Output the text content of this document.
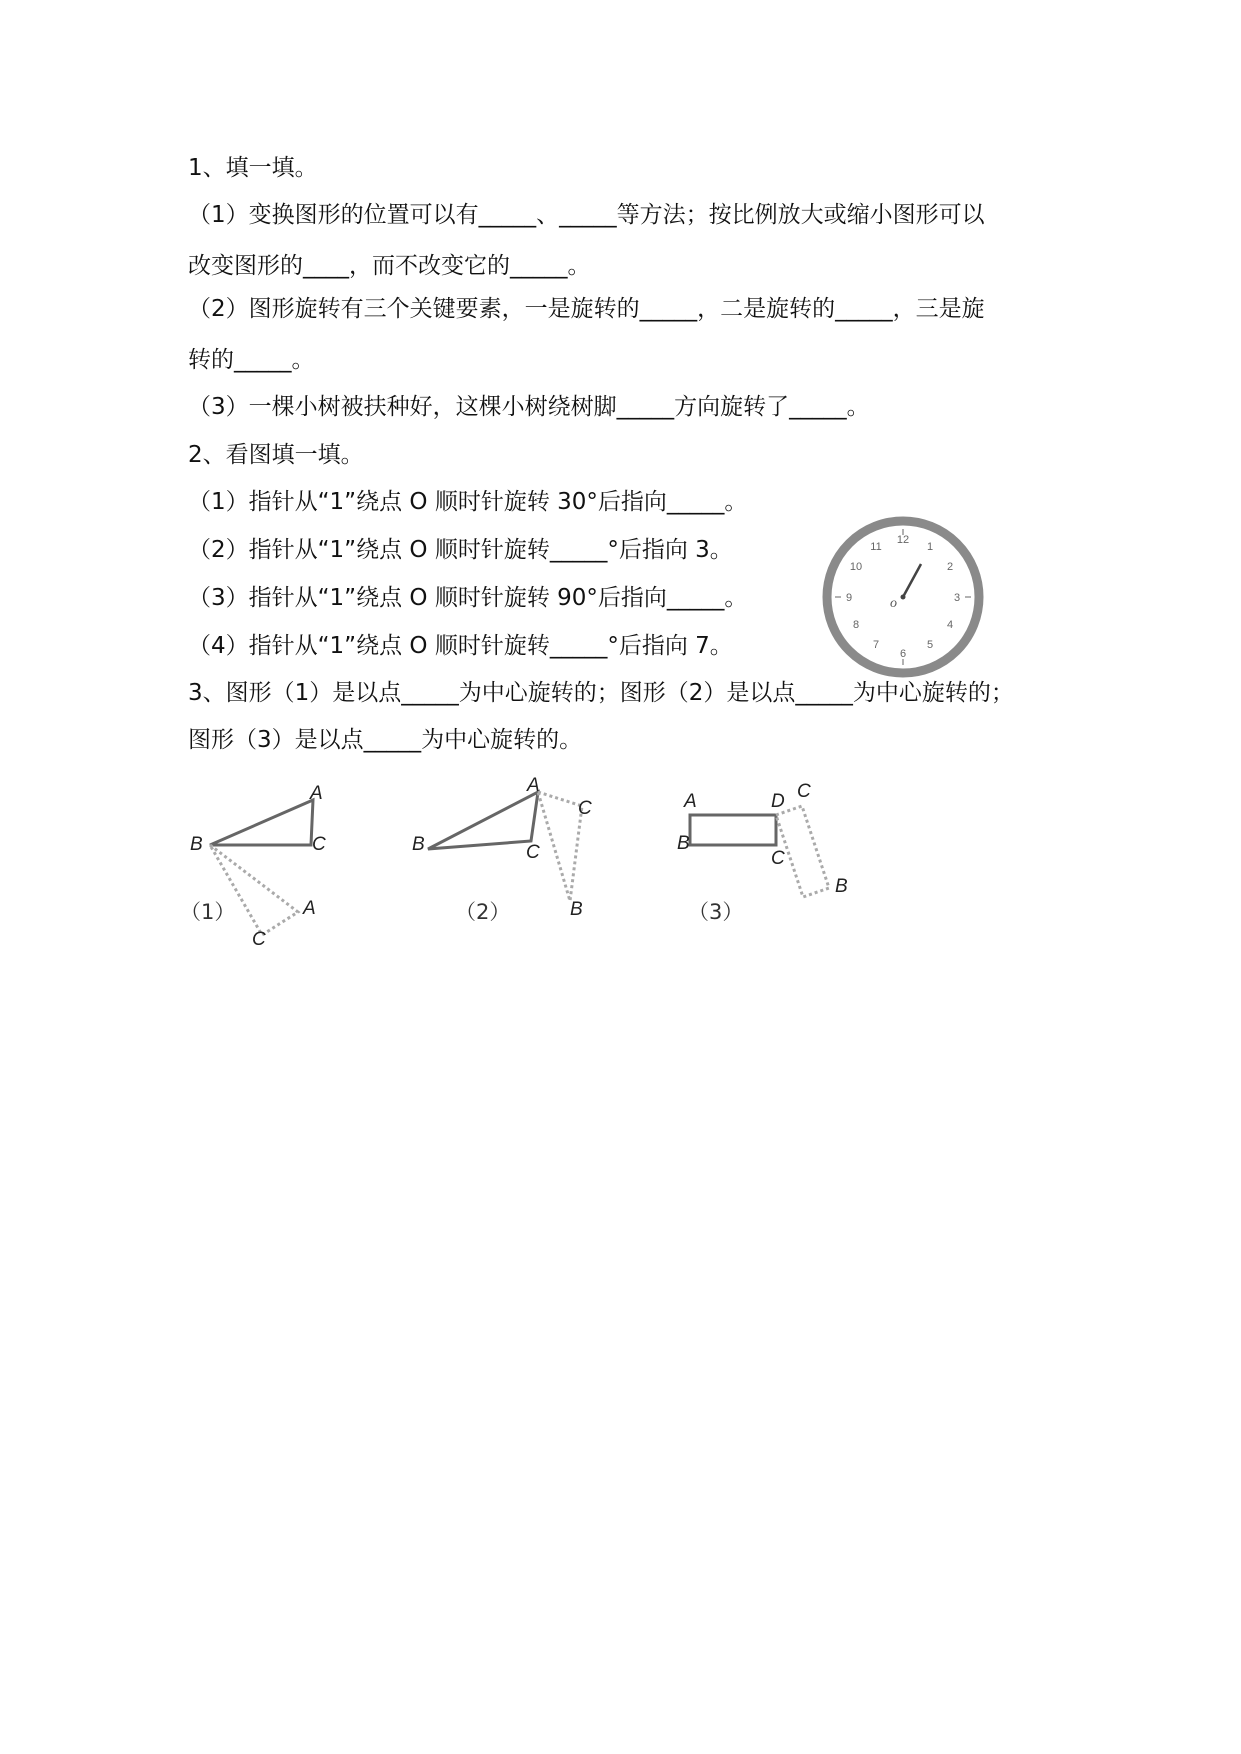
1、填一填。
（1）变换图形的位置可以有_____、_____等方法；按比例放大或缩小图形可以
改变图形的____，而不改变它的_____。
（2）图形旋转有三个关键要素，一是旋转的_____，二是旋转的_____，三是旋
转的_____。
（3）一棵小树被扶种好，这棵小树绕树脚_____方向旋转了_____。
2、看图填一填。
（1）指针从“1”绕点 O 顺时针旋转 30°后指向_____。
（2）指针从“1”绕点 O 顺时针旋转_____°后指向 3。
（3）指针从“1”绕点 O 顺时针旋转 90°后指向_____。
（4）指针从“1”绕点 O 顺时针旋转_____°后指向 7。
12
1
2
3
4
5
6
7
8
9
10
11
o
3、图形（1）是以点_____为中心旋转的；图形（2）是以点_____为中心旋转的；
图形（3）是以点_____为中心旋转的。
A
B	C
A
C
（1）
A
B	C
C
B
（2）
A	D
B
C
C
B
（3）
